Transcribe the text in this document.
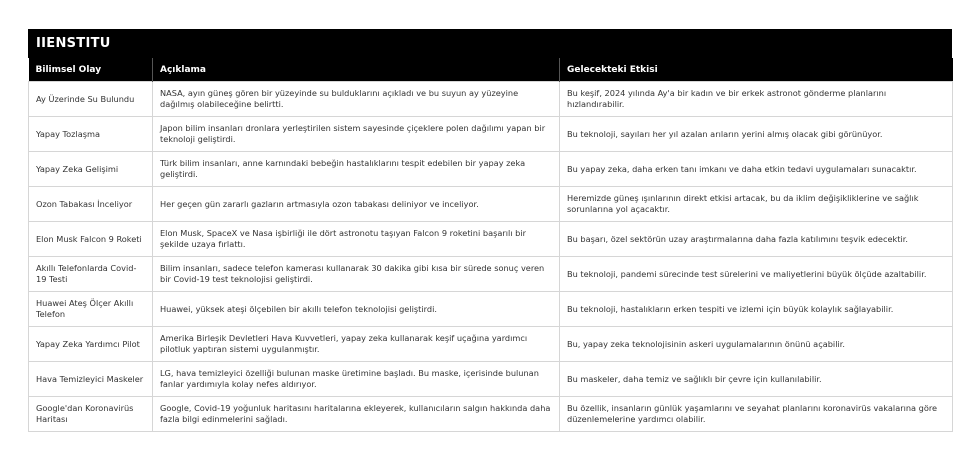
IIENSTITU
Bilimsel Olay	Açıklama	Gelecekteki Etkisi
Ay Üzerinde Su Bulundu	NASA, ayın güneş gören bir yüzeyinde su bulduklarını açıkladı ve bu suyun ay yüzeyine dağılmış olabileceğine belirtti.	Bu keşif, 2024 yılında Ay'a bir kadın ve bir erkek astronot gönderme planlarını hızlandırabilir.
Yapay Tozlaşma	Japon bilim insanları dronlara yerleştirilen sistem sayesinde çiçeklere polen dağılımı yapan bir teknoloji geliştirdi.	Bu teknoloji, sayıları her yıl azalan arıların yerini almış olacak gibi görünüyor.
Yapay Zeka Gelişimi	Türk bilim insanları, anne karnındaki bebeğin hastalıklarını tespit edebilen bir yapay zeka geliştirdi.	Bu yapay zeka, daha erken tanı imkanı ve daha etkin tedavi uygulamaları sunacaktır.
Ozon Tabakası İnceliyor	Her geçen gün zararlı gazların artmasıyla ozon tabakası deliniyor ve inceliyor.	Heremizde güneş ışınlarının direkt etkisi artacak, bu da iklim değişikliklerine ve sağlık sorunlarına yol açacaktır.
Elon Musk Falcon 9 Roketi	Elon Musk, SpaceX ve Nasa işbirliği ile dört astronotu taşıyan Falcon 9 roketini başarılı bir şekilde uzaya fırlattı.	Bu başarı, özel sektörün uzay araştırmalarına daha fazla katılımını teşvik edecektir.
Akıllı Telefonlarda Covid-19 Testi	Bilim insanları, sadece telefon kamerası kullanarak 30 dakika gibi kısa bir sürede sonuç veren bir Covid-19 test teknolojisi geliştirdi.	Bu teknoloji, pandemi sürecinde test sürelerini ve maliyetlerini büyük ölçüde azaltabilir.
Huawei Ateş Ölçer Akıllı Telefon	Huawei, yüksek ateşi ölçebilen bir akıllı telefon teknolojisi geliştirdi.	Bu teknoloji, hastalıkların erken tespiti ve izlemi için büyük kolaylık sağlayabilir.
Yapay Zeka Yardımcı Pilot	Amerika Birleşik Devletleri Hava Kuvvetleri, yapay zeka kullanarak keşif uçağına yardımcı pilotluk yaptıran sistemi uygulanmıştır.	Bu, yapay zeka teknolojisinin askeri uygulamalarının önünü açabilir.
Hava Temizleyici Maskeler	LG, hava temizleyici özelliği bulunan maske üretimine başladı. Bu maske, içerisinde bulunan fanlar yardımıyla kolay nefes aldırıyor.	Bu maskeler, daha temiz ve sağlıklı bir çevre için kullanılabilir.
Google'dan Koronavirüs Haritası	Google, Covid-19 yoğunluk haritasını haritalarına ekleyerek, kullanıcıların salgın hakkında daha fazla bilgi edinmelerini sağladı.	Bu özellik, insanların günlük yaşamlarını ve seyahat planlarını koronavirüs vakalarına göre düzenlemelerine yardımcı olabilir.
